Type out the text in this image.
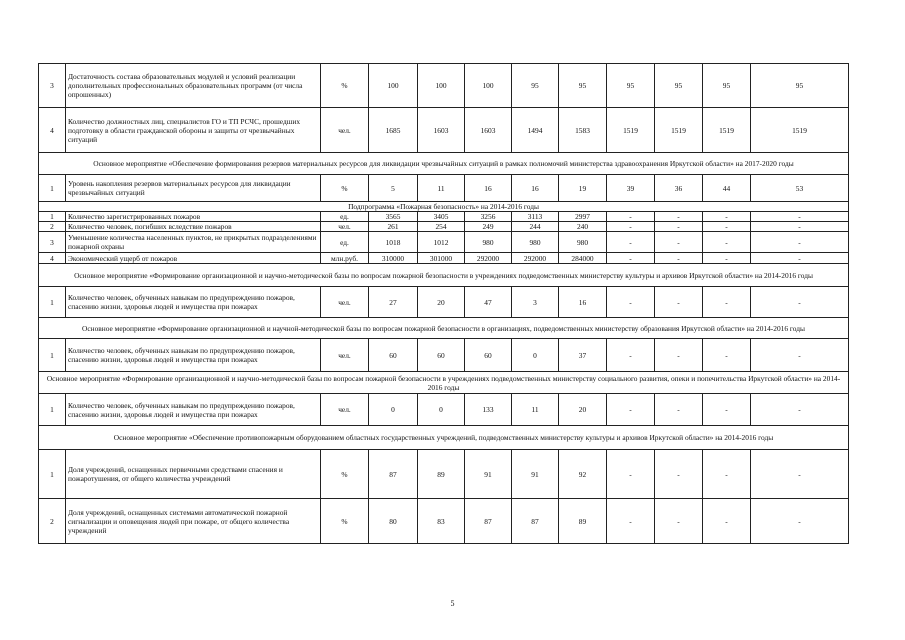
3	Достаточность состава образовательных модулей и условий реализации дополнительных профессиональных образовательных программ (от числа опрошенных)	%	100	100	100	95	95	95	95	95	95
4	Количество должностных лиц, специалистов ГО и ТП РСЧС, прошедших подготовку в области гражданской обороны и защиты от чрезвычайных ситуаций	чел.	1685	1603	1603	1494	1583	1519	1519	1519	1519
Основное мероприятие «Обеспечение формирования резервов материальных ресурсов для ликвидации чрезвычайных ситуаций в рамках полномочий министерства здравоохранения Иркутской области» на 2017-2020 годы											
1	Уровень накопления резервов материальных ресурсов для ликвидации чрезвычайных ситуаций	%	5	11	16	16	19	39	36	44	53
Подпрограмма «Пожарная безопасность» на 2014-2016 годы											
1	Количество зарегистрированных пожаров	ед.	3565	3405	3256	3113	2997	-	-	-	-
2	Количество человек, погибших вследствие пожаров	чел.	261	254	249	244	240	-	-	-	-
3	Уменьшение количества населенных пунктов, не прикрытых подразделениями пожарной охраны	ед.	1018	1012	980	980	980	-	-	-	-
4	Экономический ущерб от пожаров	млн.руб.	310000	301000	292000	292000	284000	-	-	-	-
Основное мероприятие «Формирование организационной и научно-методической базы по вопросам пожарной безопасности в учреждениях подведомственных министерству культуры и архивов Иркутской области» на 2014-2016 годы											
1	Количество человек, обученных навыкам по предупреждению пожаров, спасению жизни, здоровья людей и имущества при пожарах	чел.	27	20	47	3	16	-	-	-	-
Основное мероприятие «Формирование организационной и научной-методической базы по вопросам пожарной безопасности в организациях, подведомственных министерству образования Иркутской области» на 2014-2016 годы											
1	Количество человек, обученных навыкам по предупреждению пожаров, спасению жизни, здоровья людей и имущества при пожарах	чел.	60	60	60	0	37	-	-	-	-
Основное мероприятие «Формирование организационной и научно-методической базы по вопросам пожарной безопасности в учреждениях подведомственных министерству социального развития, опеки и попечительства Иркутской области» на 2014-2016 годы											
1	Количество человек, обученных навыкам по предупреждению пожаров, спасению жизни, здоровья людей и имущества при пожарах	чел.	0	0	133	11	20	-	-	-	-
Основное мероприятие «Обеспечение противопожарным оборудованием областных государственных учреждений, подведомственных министерству культуры и архивов Иркутской области» на 2014-2016 годы											
1	Доля учреждений, оснащенных первичными средствами спасения и пожаротушения, от общего количества учреждений	%	87	89	91	91	92	-	-	-	-
2	Доля учреждений, оснащенных системами автоматической пожарной сигнализации и оповещения людей при пожаре, от общего количества учреждений	%	80	83	87	87	89	-	-	-	-
5
